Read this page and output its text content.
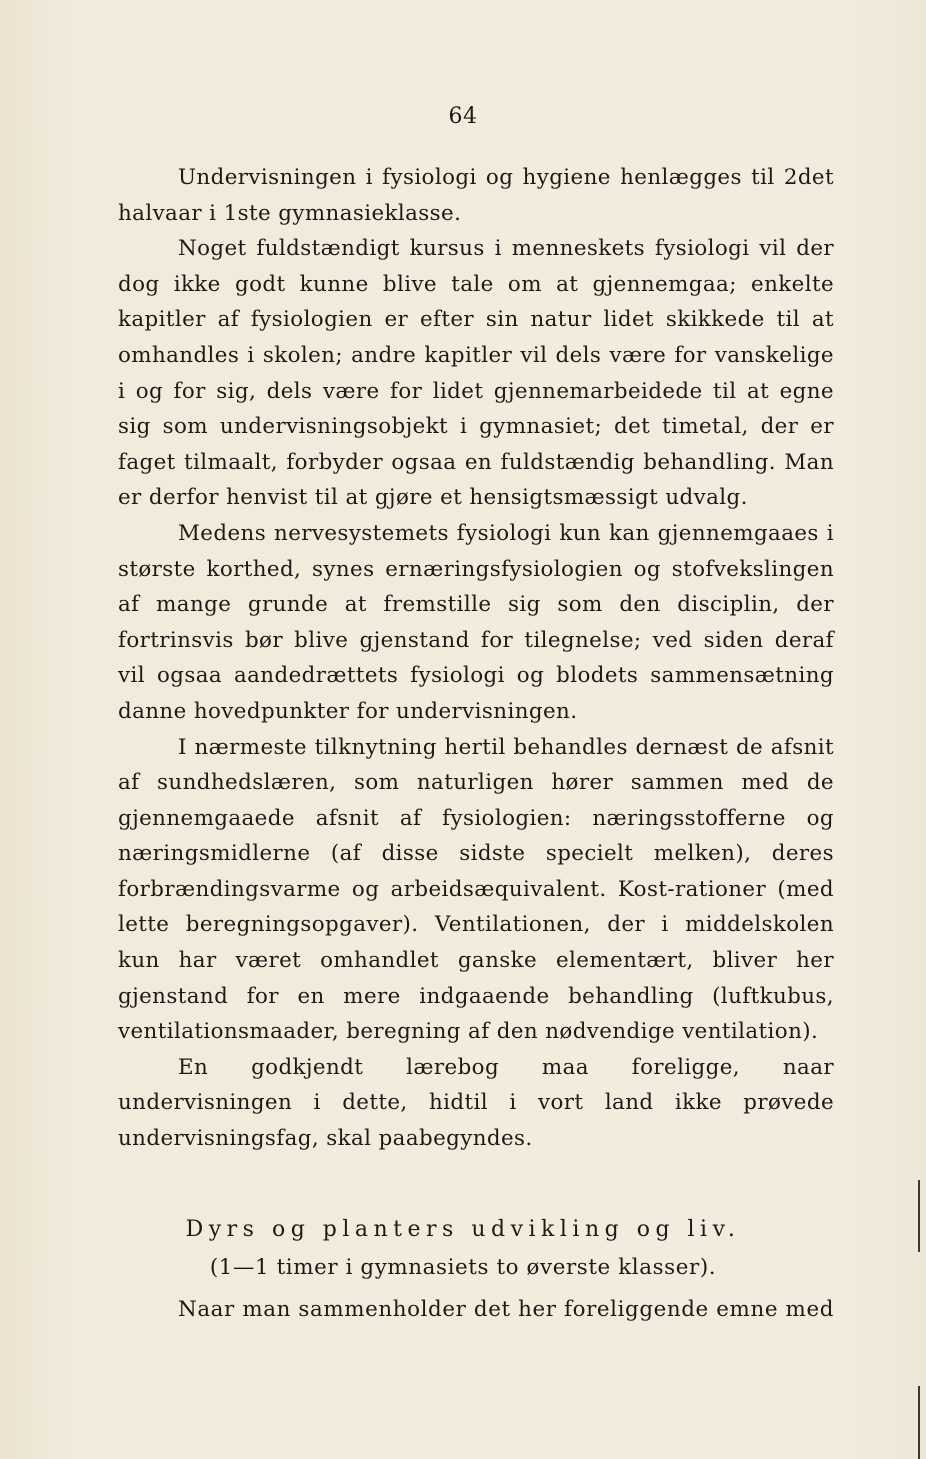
64

Undervisningen i fysiologi og hygiene henlægges til 2det halvaar i 1ste gymnasieklasse.

Noget fuldstændigt kursus i menneskets fysiologi vil der dog ikke godt kunne blive tale om at gjennemgaa; enkelte kapitler af fysiologien er efter sin natur lidet skikkede til at omhandles i skolen; andre kapitler vil dels være for vanskelige i og for sig, dels være for lidet gjennemarbeidede til at egne sig som undervisningsobjekt i gymnasiet; det timetal, der er faget tilmaalt, forbyder ogsaa en fuldstændig behandling. Man er derfor henvist til at gjøre et hensigtsmæssigt udvalg.

Medens nervesystemets fysiologi kun kan gjennemgaaes i største korthed, synes ernæringsfysiologien og stofvekslingen af mange grunde at fremstille sig som den disciplin, der fortrinsvis bør blive gjenstand for tilegnelse; ved siden deraf vil ogsaa aandedrættets fysiologi og blodets sammensætning danne hovedpunkter for undervisningen.

I nærmeste tilknytning hertil behandles dernæst de afsnit af sundhedslæren, som naturligen hører sammen med de gjennemgaaede afsnit af fysiologien: næringsstofferne og næringsmidlerne (af disse sidste specielt melken), deres forbrændingsvarme og arbeidsæquivalent. Kost-rationer (med lette beregningsopgaver). Ventilationen, der i middelskolen kun har været omhandlet ganske elementært, bliver her gjenstand for en mere indgaaende behandling (luftkubus, ventilationsmaader, beregning af den nødvendige ventilation).

En godkjendt lærebog maa foreligge, naar undervisningen i dette, hidtil i vort land ikke prøvede undervisningsfag, skal paabegyndes.

Dyrs og planters udvikling og liv.
(1—1 timer i gymnasiets to øverste klasser).
Naar man sammenholder det her foreliggende emne med
